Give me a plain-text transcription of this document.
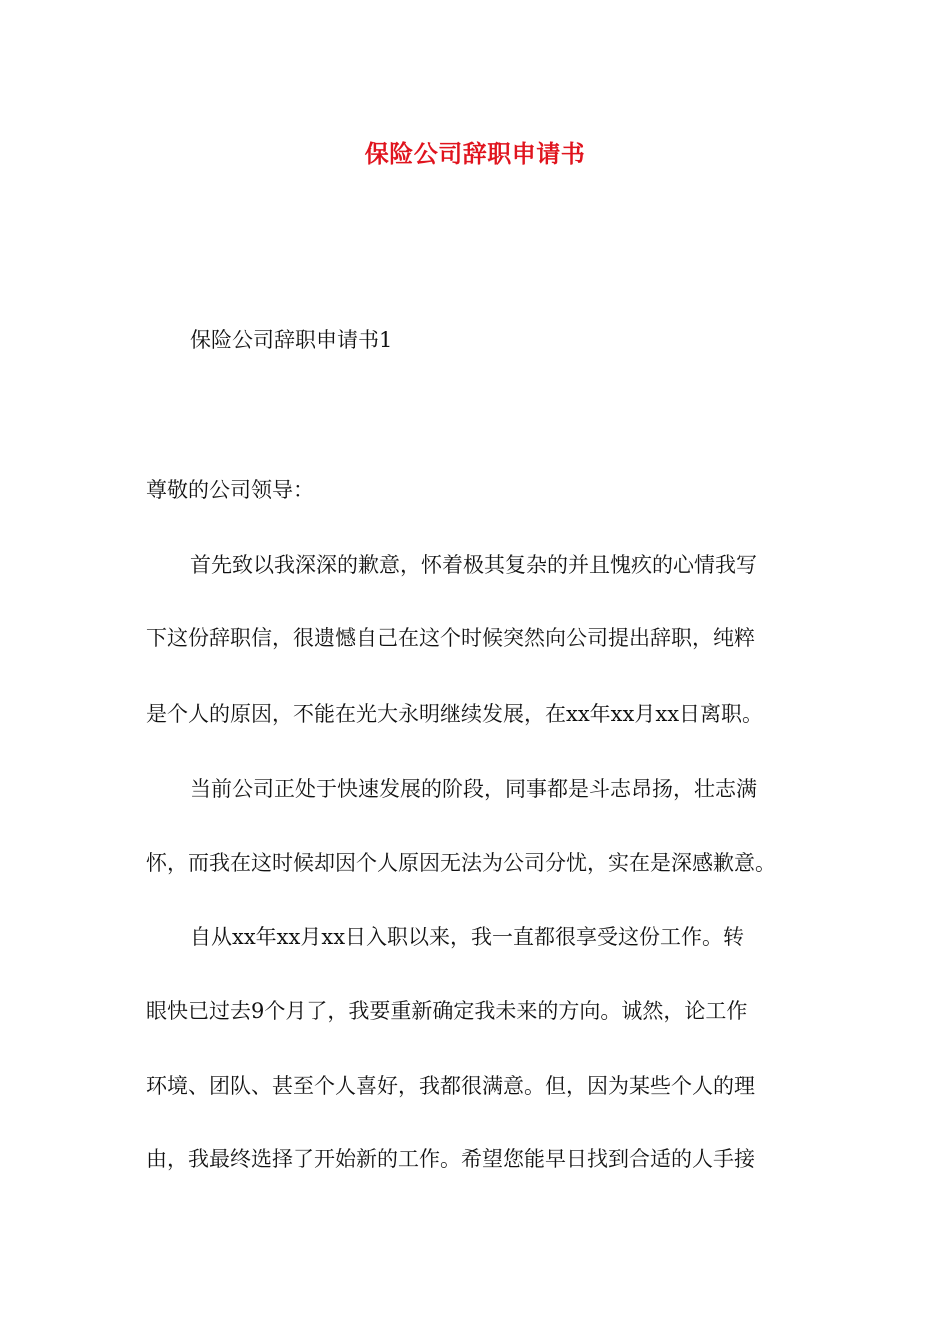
保险公司辞职申请书

保险公司辞职申请书1

尊敬的公司领导：

首先致以我深深的歉意，怀着极其复杂的并且愧疚的心情我写

下这份辞职信，很遗憾自己在这个时候突然向公司提出辞职，纯粹

是个人的原因，不能在光大永明继续发展，在xx年xx月xx日离职。

当前公司正处于快速发展的阶段，同事都是斗志昂扬，壮志满

怀，而我在这时候却因个人原因无法为公司分忧，实在是深感歉意。

自从xx年xx月xx日入职以来，我一直都很享受这份工作。转

眼快已过去9个月了，我要重新确定我未来的方向。诚然，论工作

环境、团队、甚至个人喜好，我都很满意。但，因为某些个人的理

由，我最终选择了开始新的工作。希望您能早日找到合适的人手接
